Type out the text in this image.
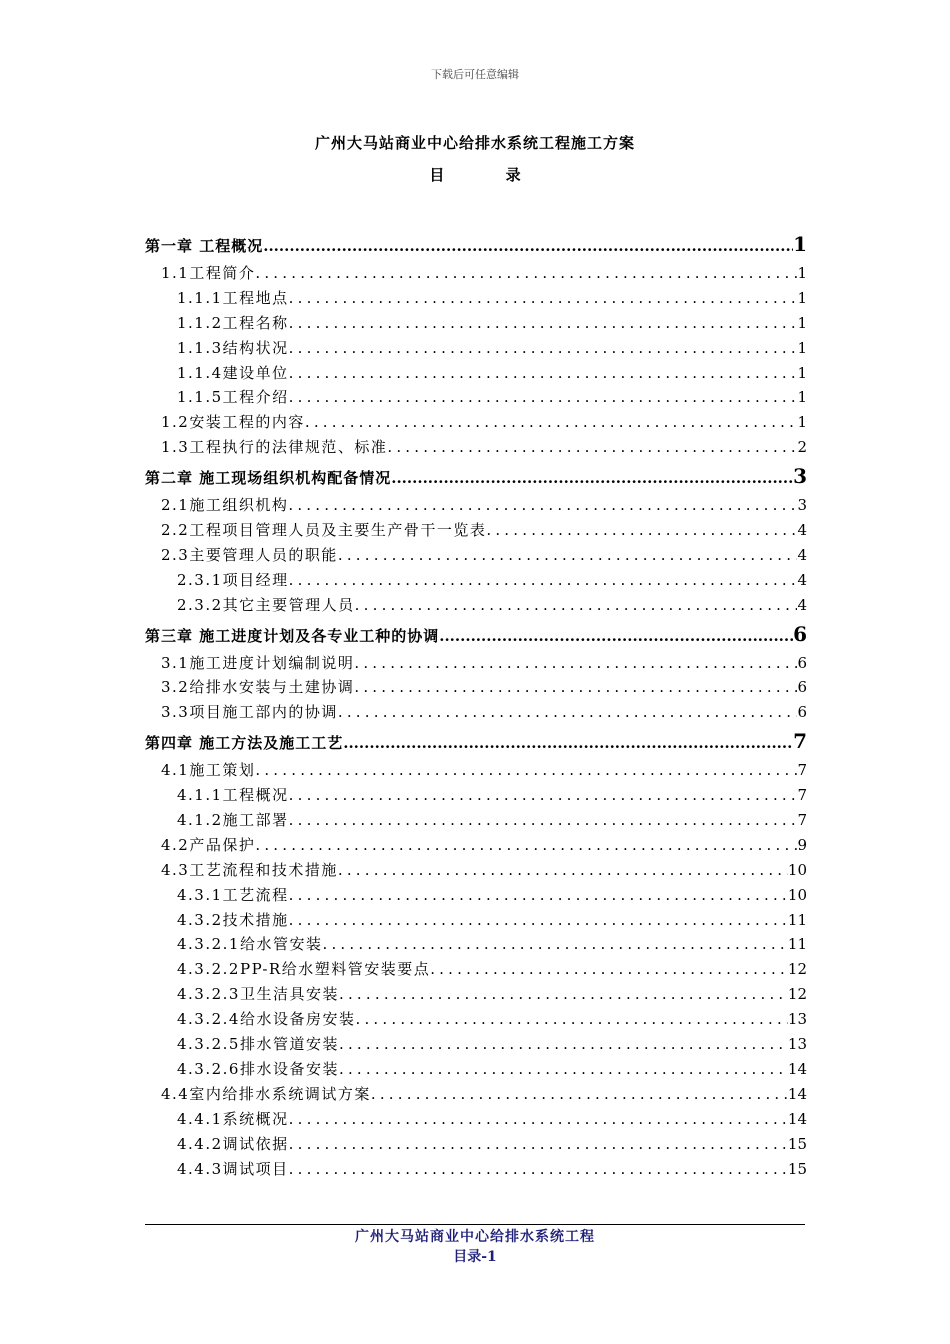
下载后可任意编辑
广州大马站商业中心给排水系统工程施工方案
目 录
第一章 工程概况 .....	1
1.1工程简介 .....	1
1.1.1工程地点 .....	1
1.1.2工程名称 .....	1
1.1.3结构状况 .....	1
1.1.4建设单位 .....	1
1.1.5工程介绍 .....	1
1.2安装工程的内容 .....	1
1.3工程执行的法律规范、标准 .....	2
第二章 施工现场组织机构配备情况 .....	3
2.1施工组织机构 .....	3
2.2工程项目管理人员及主要生产骨干一览表 .....	4
2.3主要管理人员的职能 .....	4
2.3.1项目经理 .....	4
2.3.2其它主要管理人员 .....	4
第三章 施工进度计划及各专业工种的协调 .....	6
3.1施工进度计划编制说明 .....	6
3.2给排水安装与土建协调 .....	6
3.3项目施工部内的协调 .....	6
第四章 施工方法及施工工艺 .....	7
4.1施工策划 .....	7
4.1.1工程概况 .....	7
4.1.2施工部署 .....	7
4.2产品保护 .....	9
4.3工艺流程和技术措施 .....	10
4.3.1工艺流程 .....	10
4.3.2技术措施 .....	11
4.3.2.1给水管安装 .....	11
4.3.2.2PP-R给水塑料管安装要点 .....	12
4.3.2.3卫生洁具安装 .....	12
4.3.2.4给水设备房安装 .....	13
4.3.2.5排水管道安装 .....	13
4.3.2.6排水设备安装 .....	14
4.4室内给排水系统调试方案 .....	14
4.4.1系统概况 .....	14
4.4.2调试依据 .....	15
4.4.3调试项目 .....	15
广州大马站商业中心给排水系统工程
目录-1
